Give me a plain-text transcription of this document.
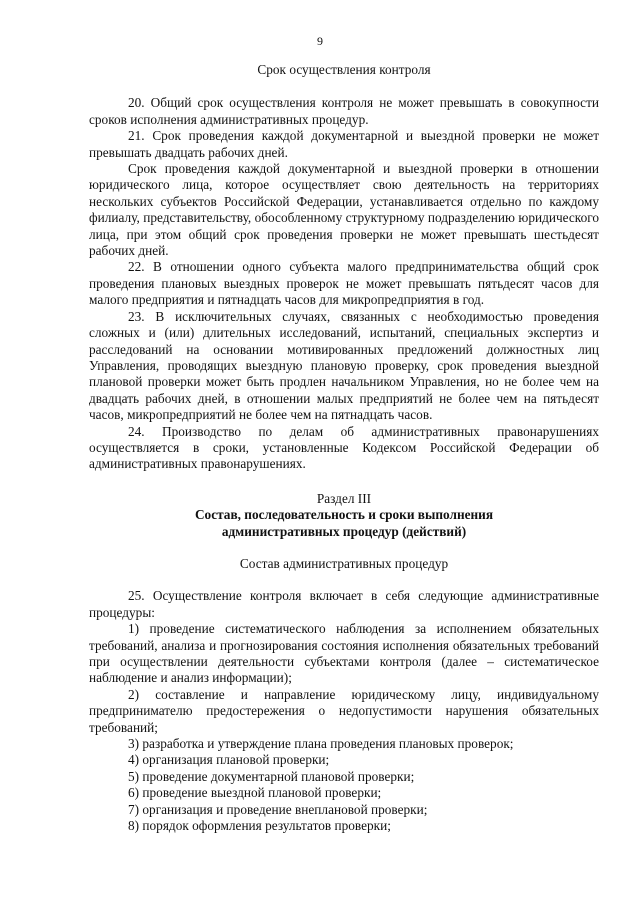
9

Срок осуществления контроля

20. Общий срок осуществления контроля не может превышать в совокупности сроков исполнения административных процедур.

21. Срок проведения каждой документарной и выездной проверки не может превышать двадцать рабочих дней.

Срок проведения каждой документарной и выездной проверки в отношении юридического лица, которое осуществляет свою деятельность на территориях нескольких субъектов Российской Федерации, устанавливается отдельно по каждому филиалу, представительству, обособленному структурному подразделению юридического лица, при этом общий срок проведения проверки не может превышать шестьдесят рабочих дней.

22. В отношении одного субъекта малого предпринимательства общий срок проведения плановых выездных проверок не может превышать пятьдесят часов для малого предприятия и пятнадцать часов для микропредприятия в год.

23. В исключительных случаях, связанных с необходимостью проведения сложных и (или) длительных исследований, испытаний, специальных экспертиз и расследований на основании мотивированных предложений должностных лиц Управления, проводящих выездную плановую проверку, срок проведения выездной плановой проверки может быть продлен начальником Управления, но не более чем на двадцать рабочих дней, в отношении малых предприятий не более чем на пятьдесят часов, микропредприятий не более чем на пятнадцать часов.

24. Производство по делам об административных правонарушениях осуществляется в сроки, установленные Кодексом Российской Федерации об административных правонарушениях.

Раздел III

Состав, последовательность и сроки выполнения

административных процедур (действий)

Состав административных процедур

25. Осуществление контроля включает в себя следующие административные процедуры:

1) проведение систематического наблюдения за исполнением обязательных требований, анализа и прогнозирования состояния исполнения обязательных требований при осуществлении деятельности субъектами контроля (далее – систематическое наблюдение и анализ информации);

2) составление и направление юридическому лицу, индивидуальному предпринимателю предостережения о недопустимости нарушения обязательных требований;

3) разработка и утверждение плана проведения плановых проверок;

4) организация плановой проверки;

5) проведение документарной плановой проверки;

6) проведение выездной плановой проверки;

7) организация и проведение внеплановой проверки;

8) порядок оформления результатов проверки;
